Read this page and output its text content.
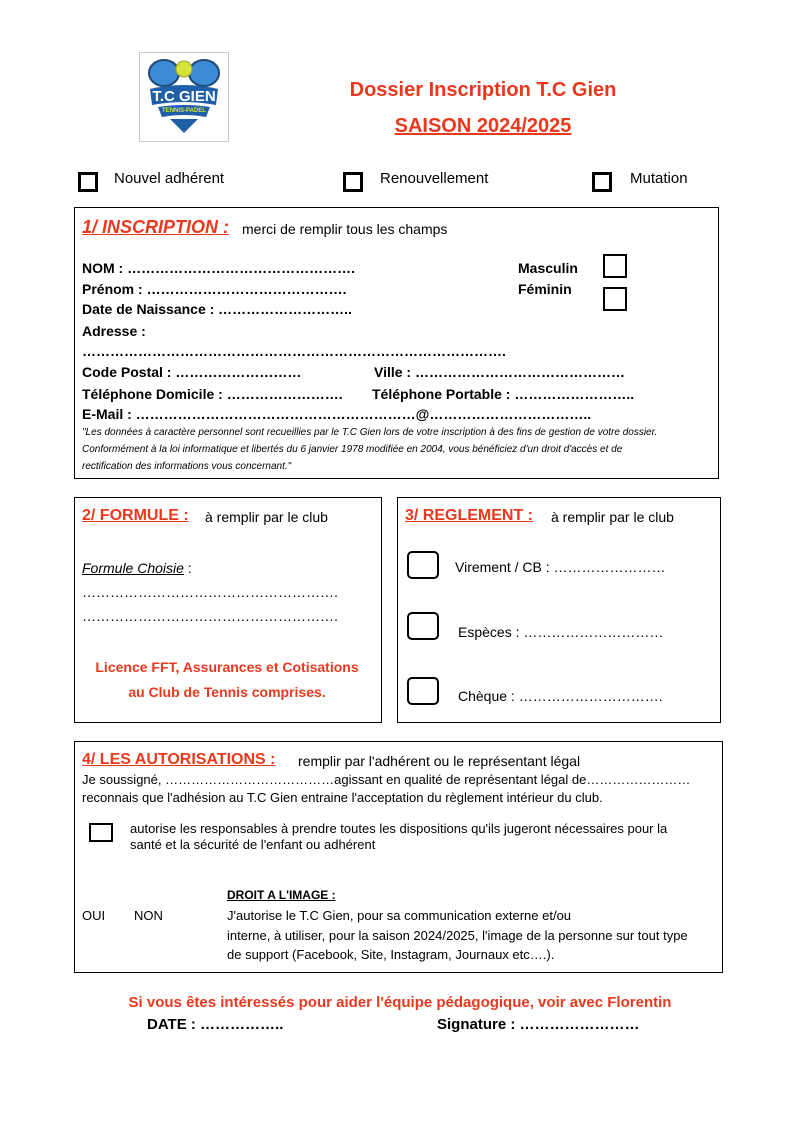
T.C GIEN
TENNIS-PADEL
Dossier Inscription T.C Gien
SAISON 2024/2025
Nouvel adhérent	Renouvellement	Mutation
1/ INSCRIPTION : merci de remplir tous les champs
NOM : ………………………………………….
Prénom : …………………………………….
Date de Naissance : ………………………..
Adresse :
……………………………………………………………………………….
Code Postal : ………………………	Ville : ………………………………………
Téléphone Domicile : ……………………. Téléphone Portable : ……………………..
E-Mail : ……………………………………………………@……………………………..
Masculin
Féminin
"Les données à caractère personnel sont recueillies par le T.C Gien lors de votre inscription à des fins de gestion de votre dossier.
Conformément à la loi informatique et libertés du 6 janvier 1978 modifiée en 2004, vous bénéficiez d'un droit d'accès et de
rectification des informations vous concernant."
2/ FORMULE : à remplir par le club
Formule Choisie :
……………………………………………….
……………………………………………….
Licence FFT, Assurances et Cotisations
au Club de Tennis comprises.
3/ REGLEMENT : à remplir par le club
Virement / CB : ……………………
Espèces : …………………………
Chèque : ………………………….
4/ LES AUTORISATIONS : remplir par l'adhérent ou le représentant légal
Je soussigné, …………………………………agissant en qualité de représentant légal de……………………
reconnais que l'adhésion au T.C Gien entraine l'acceptation du règlement intérieur du club.
autorise les responsables à prendre toutes les dispositions qu'ils jugeront nécessaires pour la
santé et la sécurité de l'enfant ou adhérent
DROIT A L'IMAGE :
OUI NON	J'autorise le T.C Gien, pour sa communication externe et/ou
interne, à utiliser, pour la saison 2024/2025, l'image de la personne sur tout type
de support (Facebook, Site, Instagram, Journaux etc….).
Si vous êtes intéressés pour aider l'équipe pédagogique, voir avec Florentin
DATE : ……………..	Signature : ……………………
